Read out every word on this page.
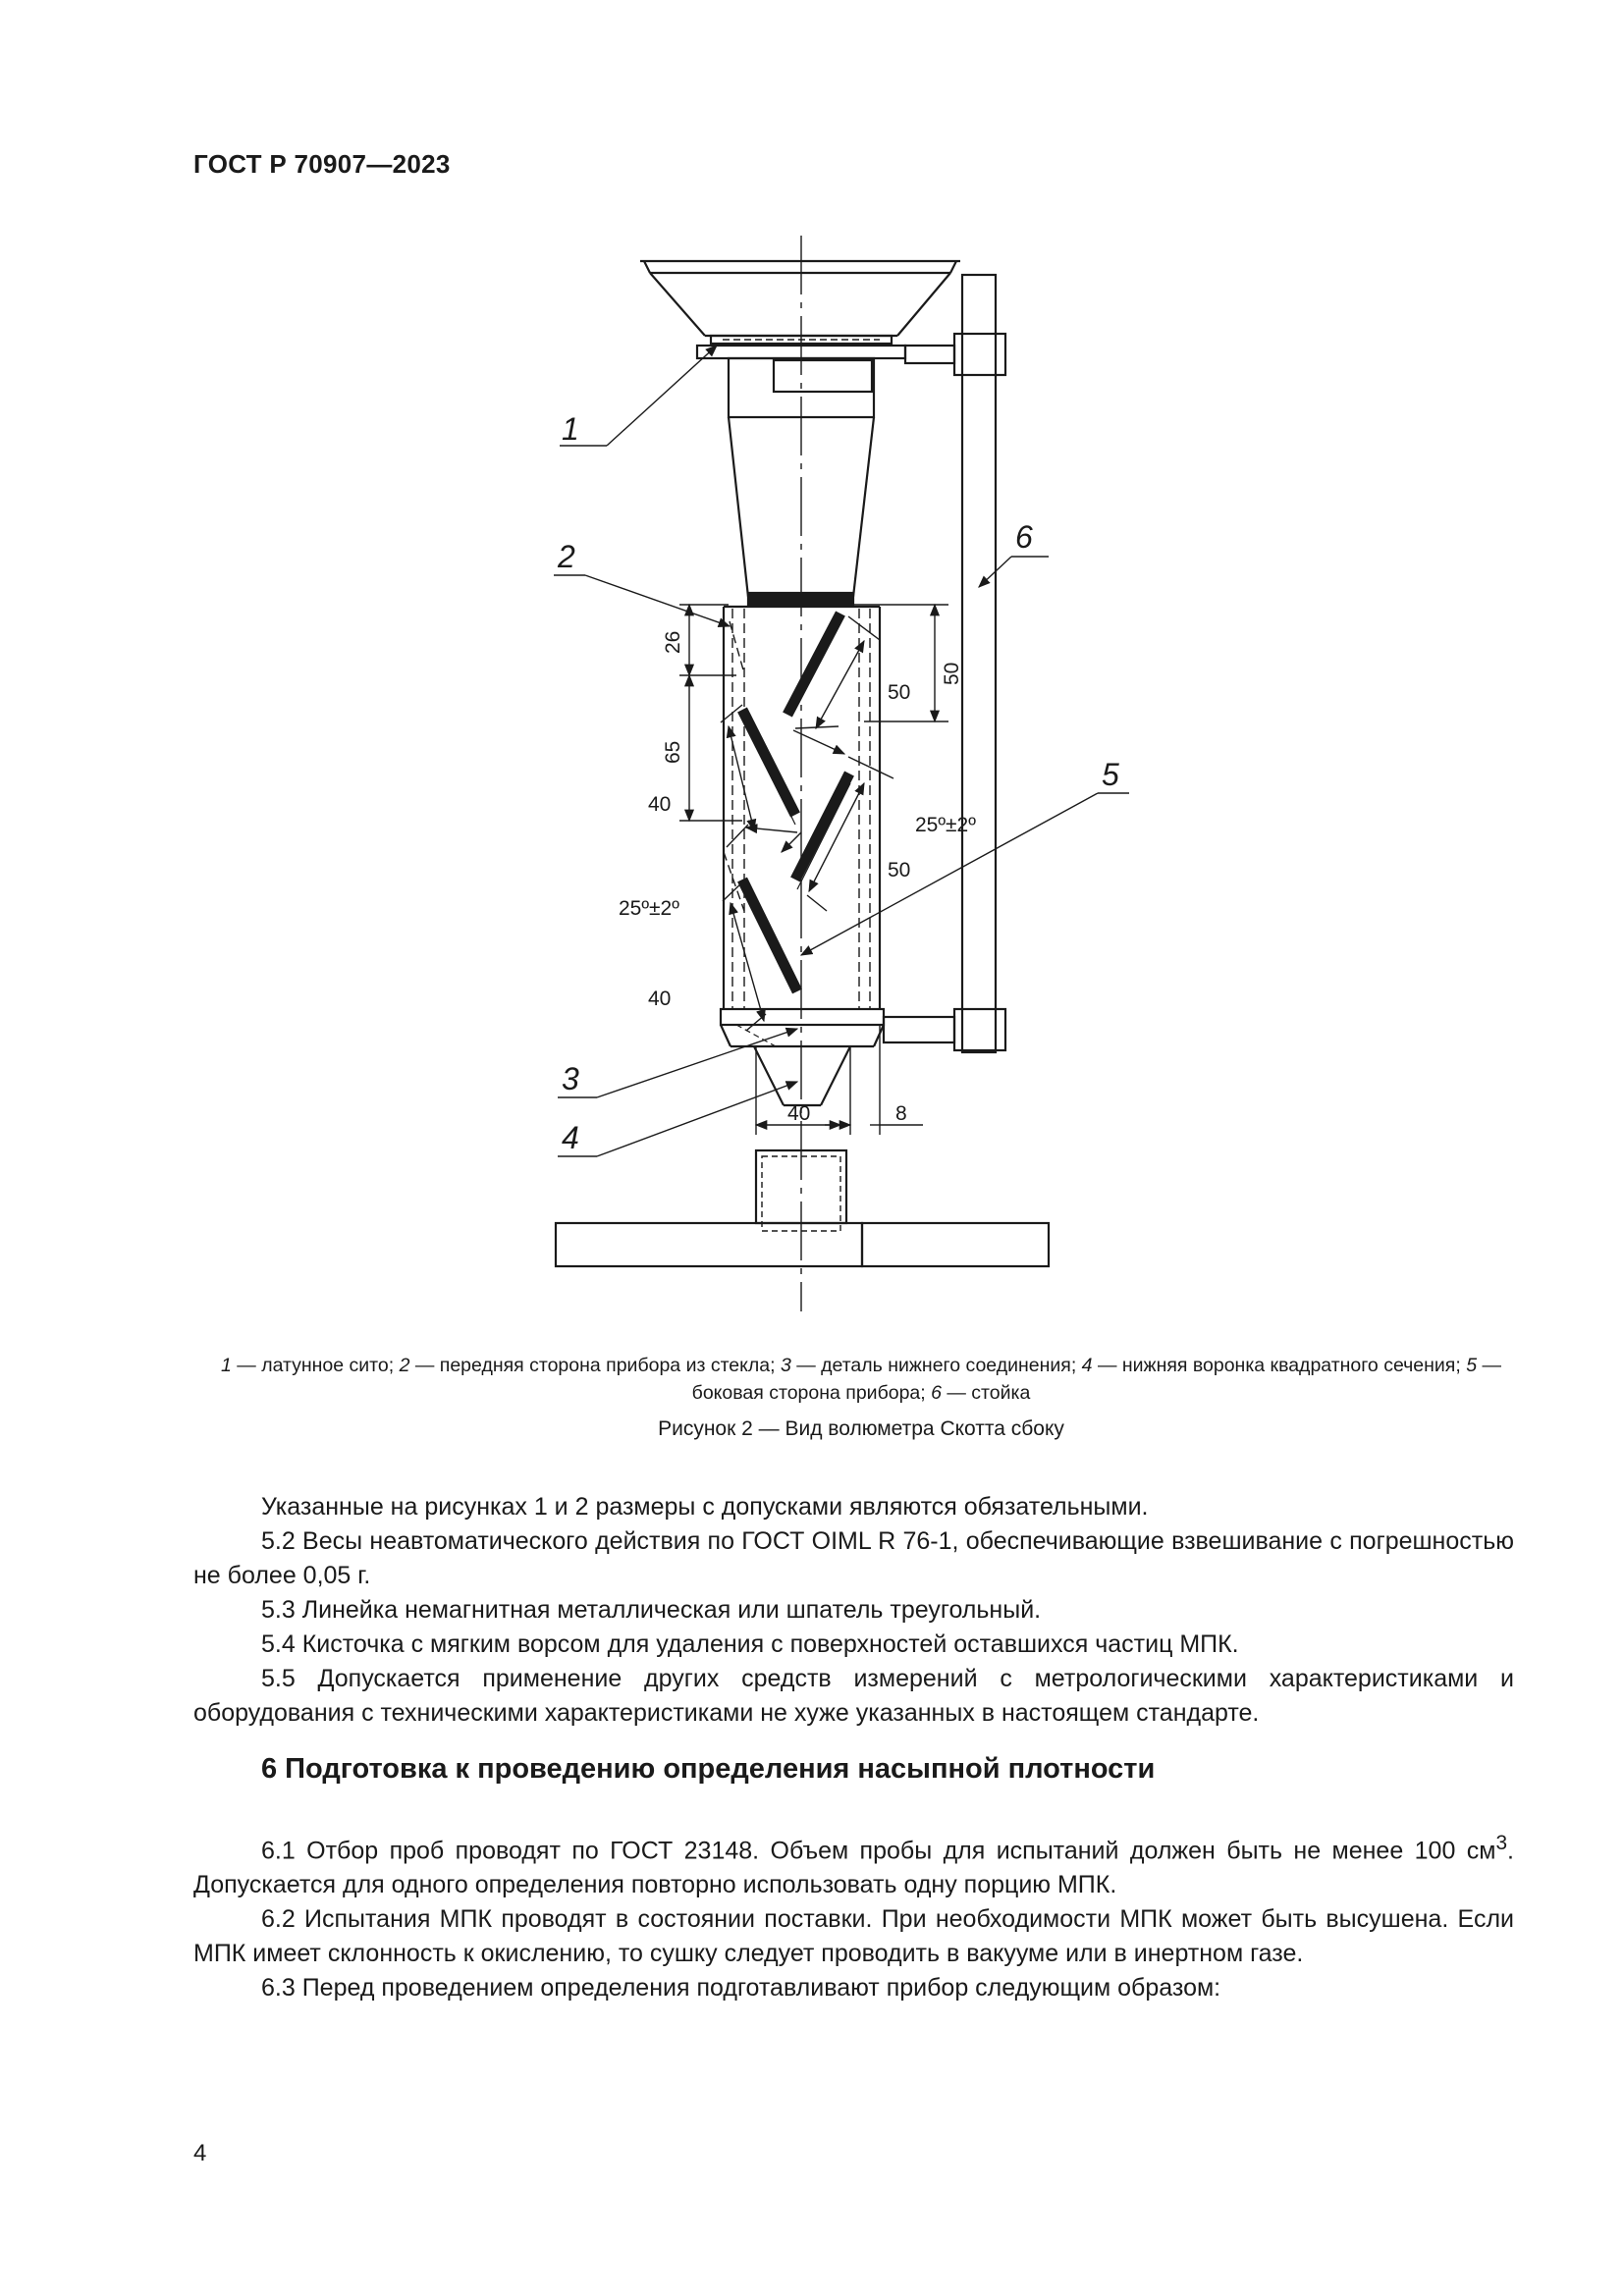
ГОСТ Р 70907—2023
1
2
6
5
3
4
26
65
50
50
25º±2º
50
40
25º±2º
40
40	8
1 — латунное сито; 2 — передняя сторона прибора из стекла; 3 — деталь нижнего соединения; 4 — нижняя воронка квадратного сечения; 5 — боковая сторона прибора; 6 — стойка
Рисунок 2 — Вид волюметра Скотта сбоку

Указанные на рисунках 1 и 2 размеры с допусками являются обязательными.

5.2 Весы неавтоматического действия по ГОСТ OIML R 76-1, обеспечивающие взвешивание с погрешностью не более 0,05 г.

5.3 Линейка немагнитная металлическая или шпатель треугольный.

5.4 Кисточка с мягким ворсом для удаления с поверхностей оставшихся частиц МПК.

5.5 Допускается применение других средств измерений с метрологическими характеристиками и оборудования с техническими характеристиками не хуже указанных в настоящем стандарте.

6 Подготовка к проведению определения насыпной плотности

6.1 Отбор проб проводят по ГОСТ 23148. Объем пробы для испытаний должен быть не менее 100 $см^3$. Допускается для одного определения повторно использовать одну порцию МПК.

6.2 Испытания МПК проводят в состоянии поставки. При необходимости МПК может быть высушена. Если МПК имеет склонность к окислению, то сушку следует проводить в вакууме или в инертном газе.

6.3 Перед проведением определения подготавливают прибор следующим образом:

4
